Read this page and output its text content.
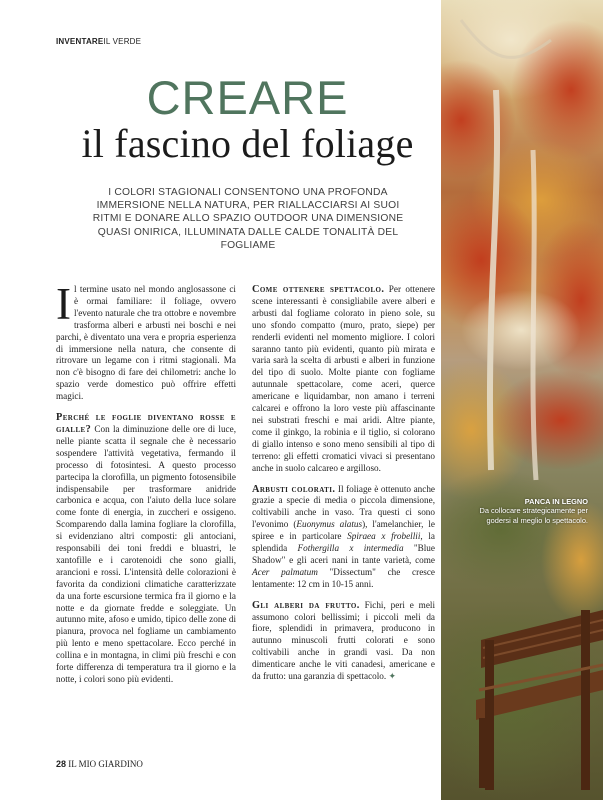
INVENTAREIL VERDE
CREARE
il fascino del foliage
I COLORI STAGIONALI CONSENTONO UNA PROFONDA IMMERSIONE NELLA NATURA, PER RIALLACCIARSI AI SUOI RITMI E DONARE ALLO SPAZIO OUTDOOR UNA DIMENSIONE QUASI ONIRICA, ILLUMINATA DALLE CALDE TONALITÀ DEL FOGLIAME

Il termine usato nel mondo anglosassone ci è ormai familiare: il foliage, ovvero l'evento naturale che tra ottobre e novembre trasforma alberi e arbusti nei boschi e nei parchi, è diventato una vera e propria esperienza di immersione nella natura, che consente di ritrovare un legame con i ritmi stagionali. Ma non c'è bisogno di fare dei chilometri: anche lo spazio verde domestico può offrire effetti magici.

Perché le foglie diventano rosse e gialle? Con la diminuzione delle ore di luce, nelle piante scatta il segnale che è necessario sospendere l'attività vegetativa, fermando il processo di fotosintesi. A questo processo partecipa la clorofilla, un pigmento fotosensibile indispensabile per trasformare anidride carbonica e acqua, con l'aiuto della luce solare come fonte di energia, in zuccheri e ossigeno. Scomparendo dalla lamina fogliare la clorofilla, si evidenziano altri composti: gli antociani, responsabili dei toni freddi e bluastri, le xantofille e i carotenoidi che sono gialli, arancioni e rossi. L'intensità delle colorazioni è favorita da condizioni climatiche caratterizzate da una forte escursione termica fra il giorno e la notte e da giornate fredde e soleggiate. Un autunno mite, afoso e umido, tipico delle zone di pianura, provoca nel fogliame un cambiamento più lento e meno spettacolare. Ecco perché in collina e in montagna, in climi più freschi e con forte differenza di temperatura tra il giorno e la notte, i colori sono più evidenti.

Come ottenere spettacolo. Per ottenere scene interessanti è consigliabile avere alberi e arbusti dal fogliame colorato in pieno sole, su uno sfondo compatto (muro, prato, siepe) per renderli evidenti nel momento migliore. I colori saranno tanto più evidenti, quanto più mirata e varia sarà la scelta di arbusti e alberi in funzione del tipo di suolo. Molte piante con fogliame autunnale spettacolare, come aceri, querce americane e liquidambar, non amano i terreni calcarei e offrono la loro veste più affascinante nei substrati freschi e mai aridi. Altre piante, come il ginkgo, la robinia e il tiglio, si colorano di giallo intenso e sono meno sensibili al tipo di terreno: gli effetti cromatici vivaci si presentano anche in suolo calcareo e argilloso.

Arbusti colorati. Il foliage è ottenuto anche grazie a specie di media o piccola dimensione, coltivabili anche in vaso. Tra questi ci sono l'evonimo (Euonymus alatus), l'amelanchier, le spiree e in particolare Spiraea x frobellii, la splendida Fothergilla x intermedia "Blue Shadow" e gli aceri nani in tante varietà, come Acer palmatum "Dissectum" che cresce lentamente: 12 cm in 10-15 anni.

Gli alberi da frutto. Fichi, peri e meli assumono colori bellissimi; i piccoli meli da fiore, splendidi in primavera, producono in autunno minuscoli frutti colorati e sono coltivabili anche in grandi vasi. Da non dimenticare anche le viti canadesi, americane e da frutto: una garanzia di spettacolo. ✦

PANCA IN LEGNO
Da collocare strategicamente per godersi al meglio lo spettacolo.
28 IL MIO GIARDINO
